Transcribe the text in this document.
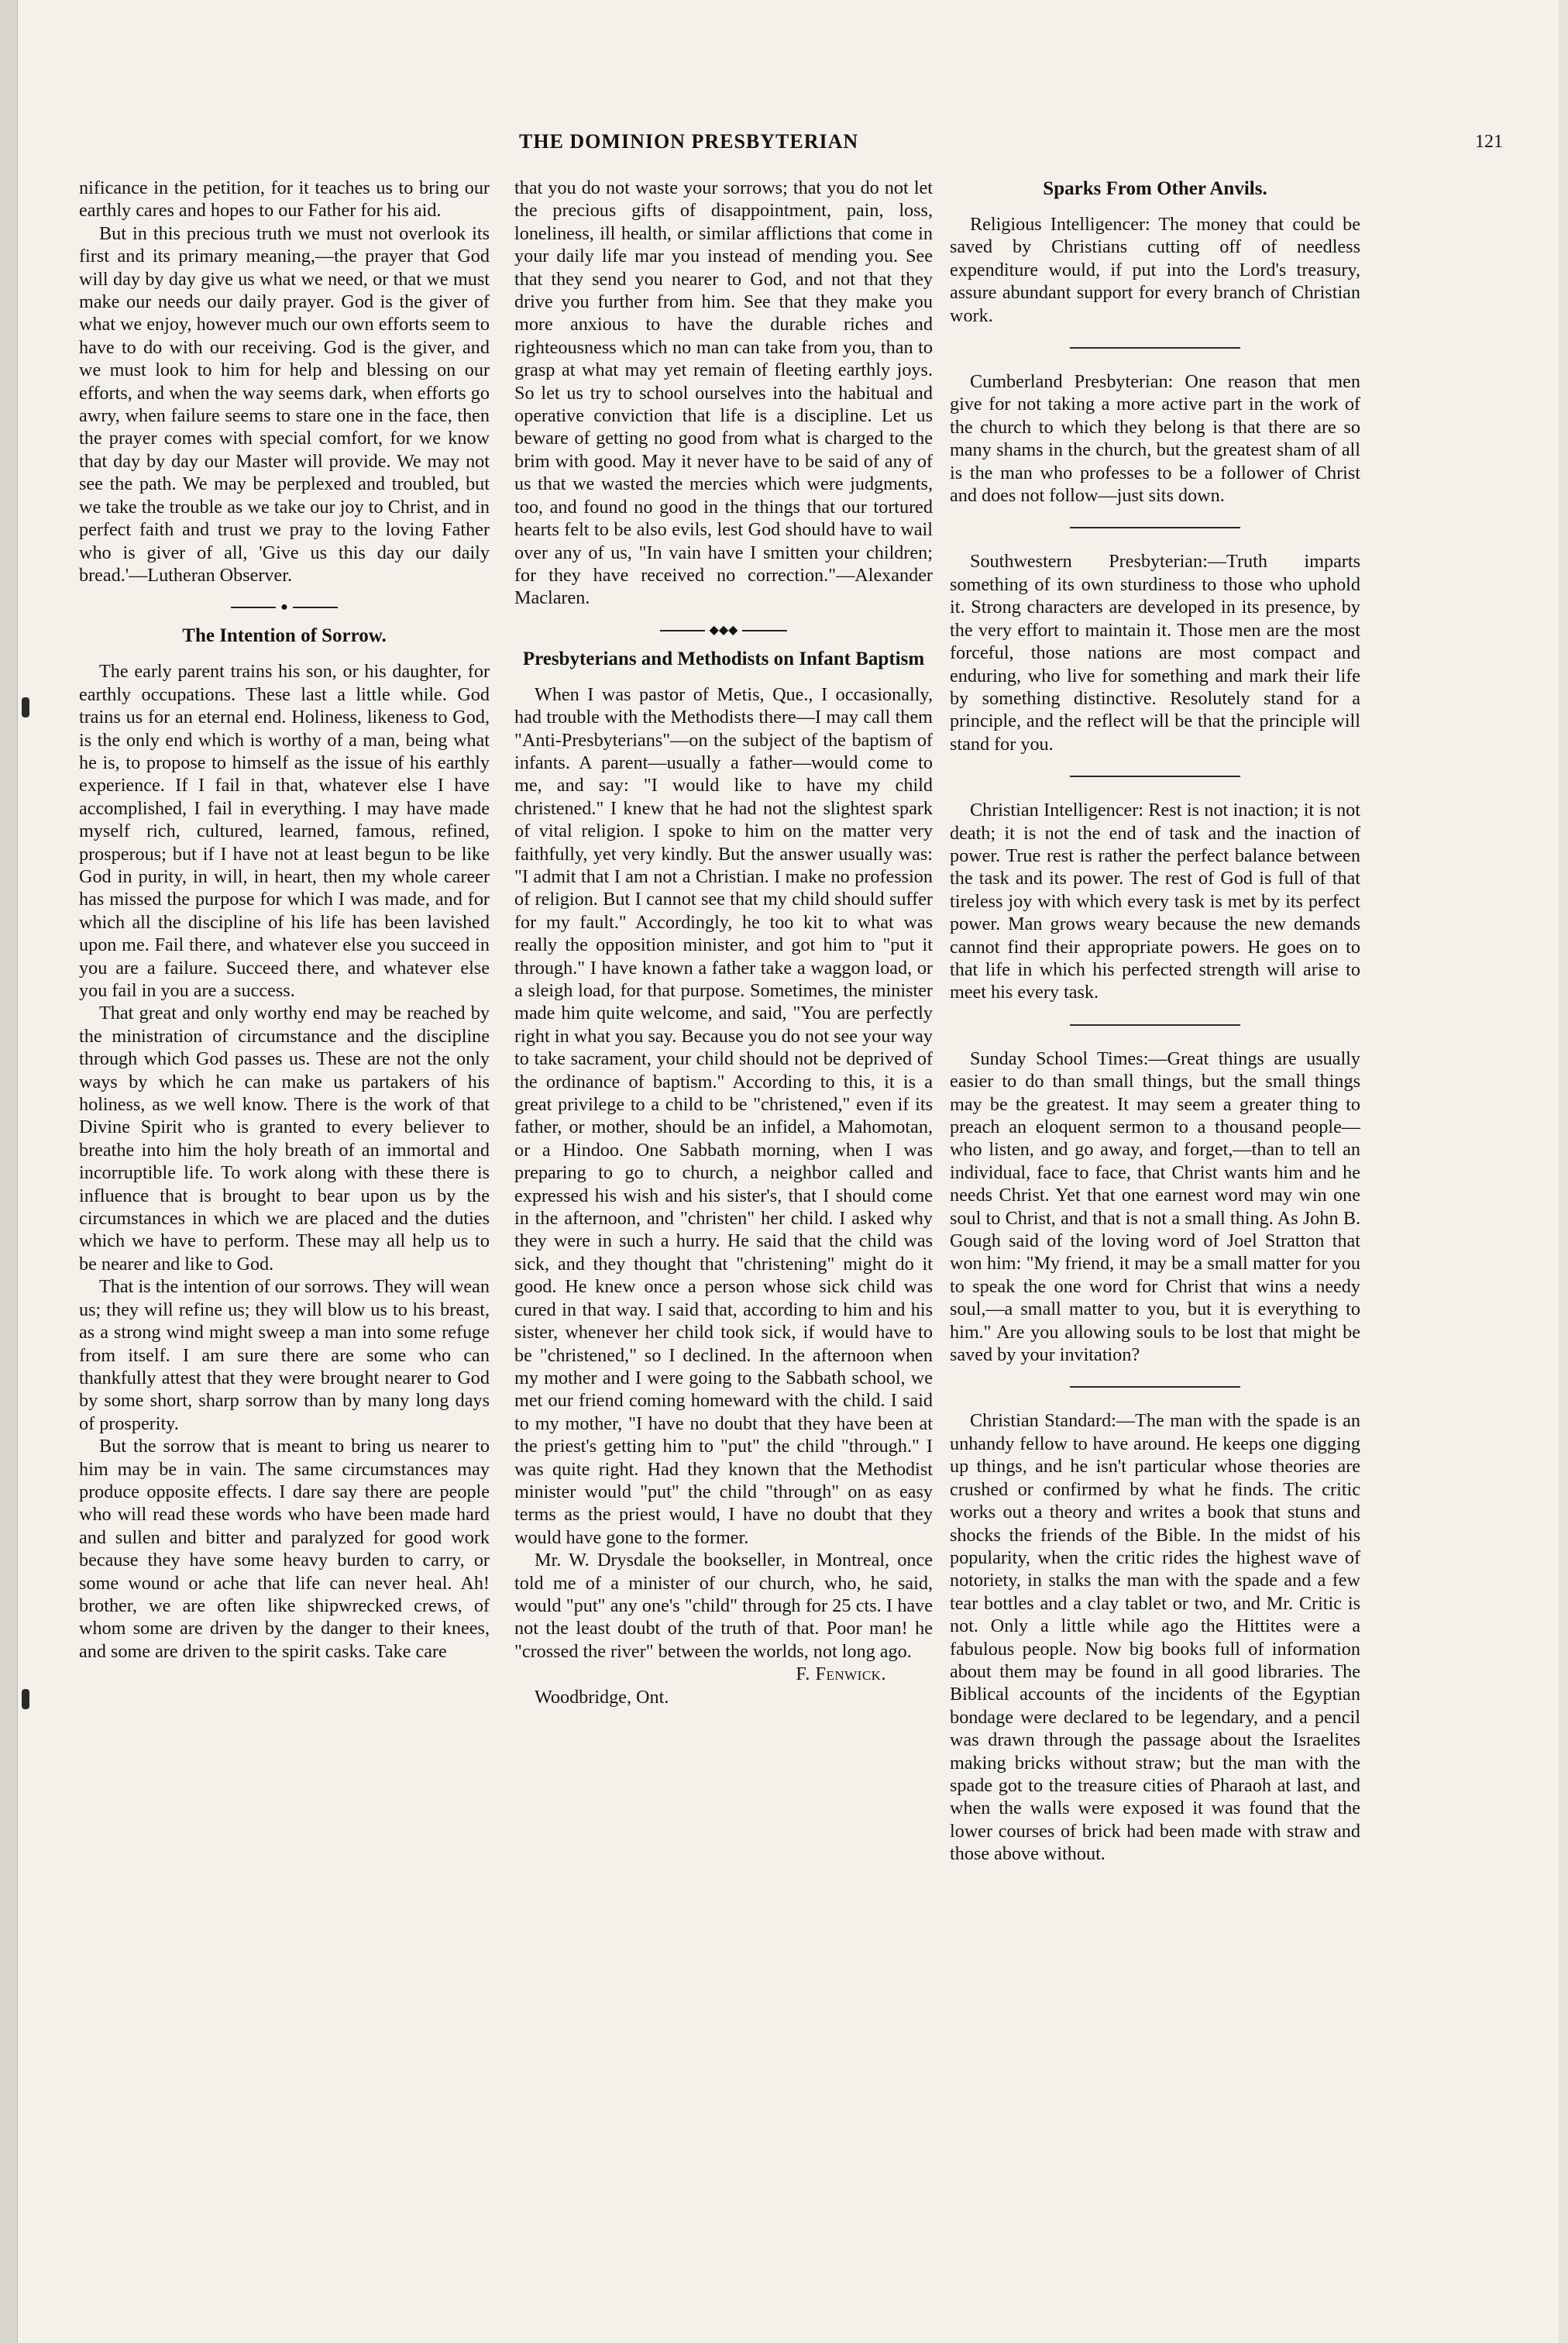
THE DOMINION PRESBYTERIAN	121

nificance in the petition, for it teaches us to bring our earthly cares and hopes to our Father for his aid.

But in this precious truth we must not overlook its first and its primary meaning,—the prayer that God will day by day give us what we need, or that we must make our needs our daily prayer. God is the giver of what we enjoy, however much our own efforts seem to have to do with our receiving. God is the giver, and we must look to him for help and blessing on our efforts, and when the way seems dark, when efforts go awry, when failure seems to stare one in the face, then the prayer comes with special comfort, for we know that day by day our Master will provide. We may not see the path. We may be perplexed and troubled, but we take the trouble as we take our joy to Christ, and in perfect faith and trust we pray to the loving Father who is giver of all, 'Give us this day our daily bread.'—Lutheran Observer.

●
The Intention of Sorrow.

The early parent trains his son, or his daughter, for earthly occupations. These last a little while. God trains us for an eternal end. Holiness, likeness to God, is the only end which is worthy of a man, being what he is, to propose to himself as the issue of his earthly experience. If I fail in that, whatever else I have accomplished, I fail in everything. I may have made myself rich, cultured, learned, famous, refined, prosperous; but if I have not at least begun to be like God in purity, in will, in heart, then my whole career has missed the purpose for which I was made, and for which all the discipline of his life has been lavished upon me. Fail there, and whatever else you succeed in you are a failure. Succeed there, and whatever else you fail in you are a success.

That great and only worthy end may be reached by the ministration of circumstance and the discipline through which God passes us. These are not the only ways by which he can make us partakers of his holiness, as we well know. There is the work of that Divine Spirit who is granted to every believer to breathe into him the holy breath of an immortal and incorruptible life. To work along with these there is influence that is brought to bear upon us by the circumstances in which we are placed and the duties which we have to perform. These may all help us to be nearer and like to God.

That is the intention of our sorrows. They will wean us; they will refine us; they will blow us to his breast, as a strong wind might sweep a man into some refuge from itself. I am sure there are some who can thankfully attest that they were brought nearer to God by some short, sharp sorrow than by many long days of prosperity.

But the sorrow that is meant to bring us nearer to him may be in vain. The same circumstances may produce opposite effects. I dare say there are people who will read these words who have been made hard and sullen and bitter and paralyzed for good work because they have some heavy burden to carry, or some wound or ache that life can never heal. Ah! brother, we are often like shipwrecked crews, of whom some are driven by the danger to their knees, and some are driven to the spirit casks. Take care

that you do not waste your sorrows; that you do not let the precious gifts of disappointment, pain, loss, loneliness, ill health, or similar afflictions that come in your daily life mar you instead of mending you. See that they send you nearer to God, and not that they drive you further from him. See that they make you more anxious to have the durable riches and righteousness which no man can take from you, than to grasp at what may yet remain of fleeting earthly joys. So let us try to school ourselves into the habitual and operative conviction that life is a discipline. Let us beware of getting no good from what is charged to the brim with good. May it never have to be said of any of us that we wasted the mercies which were judgments, too, and found no good in the things that our tortured hearts felt to be also evils, lest God should have to wail over any of us, "In vain have I smitten your children; for they have received no correction."—Alexander Maclaren.

◆◆◆
Presbyterians and Methodists on Infant Baptism

When I was pastor of Metis, Que., I occasionally, had trouble with the Methodists there—I may call them "Anti-Presbyterians"—on the subject of the baptism of infants. A parent—usually a father—would come to me, and say: "I would like to have my child christened." I knew that he had not the slightest spark of vital religion. I spoke to him on the matter very faithfully, yet very kindly. But the answer usually was: "I admit that I am not a Christian. I make no profession of religion. But I cannot see that my child should suffer for my fault." Accordingly, he too kit to what was really the opposition minister, and got him to "put it through." I have known a father take a waggon load, or a sleigh load, for that purpose. Sometimes, the minister made him quite welcome, and said, "You are perfectly right in what you say. Because you do not see your way to take sacrament, your child should not be deprived of the ordinance of baptism." According to this, it is a great privilege to a child to be "christened," even if its father, or mother, should be an infidel, a Mahomotan, or a Hindoo. One Sabbath morning, when I was preparing to go to church, a neighbor called and expressed his wish and his sister's, that I should come in the afternoon, and "christen" her child. I asked why they were in such a hurry. He said that the child was sick, and they thought that "christening" might do it good. He knew once a person whose sick child was cured in that way. I said that, according to him and his sister, whenever her child took sick, if would have to be "christened," so I declined. In the afternoon when my mother and I were going to the Sabbath school, we met our friend coming homeward with the child. I said to my mother, "I have no doubt that they have been at the priest's getting him to "put" the child "through." I was quite right. Had they known that the Methodist minister would "put" the child "through" on as easy terms as the priest would, I have no doubt that they would have gone to the former.

Mr. W. Drysdale the bookseller, in Montreal, once told me of a minister of our church, who, he said, would "put" any one's "child" through for 25 cts. I have not the least doubt of the truth of that. Poor man! he "crossed the river" between the worlds, not long ago.

F. Fenwick.

Woodbridge, Ont.

Sparks From Other Anvils.

Religious Intelligencer: The money that could be saved by Christians cutting off of needless expenditure would, if put into the Lord's treasury, assure abundant support for every branch of Christian work.

Cumberland Presbyterian: One reason that men give for not taking a more active part in the work of the church to which they belong is that there are so many shams in the church, but the greatest sham of all is the man who professes to be a follower of Christ and does not follow—just sits down.

Southwestern Presbyterian:—Truth imparts something of its own sturdiness to those who uphold it. Strong characters are developed in its presence, by the very effort to maintain it. Those men are the most forceful, those nations are most compact and enduring, who live for something and mark their life by something distinctive. Resolutely stand for a principle, and the reflect will be that the principle will stand for you.

Christian Intelligencer: Rest is not inaction; it is not death; it is not the end of task and the inaction of power. True rest is rather the perfect balance between the task and its power. The rest of God is full of that tireless joy with which every task is met by its perfect power. Man grows weary because the new demands cannot find their appropriate powers. He goes on to that life in which his perfected strength will arise to meet his every task.

Sunday School Times:—Great things are usually easier to do than small things, but the small things may be the greatest. It may seem a greater thing to preach an eloquent sermon to a thousand people—who listen, and go away, and forget,—than to tell an individual, face to face, that Christ wants him and he needs Christ. Yet that one earnest word may win one soul to Christ, and that is not a small thing. As John B. Gough said of the loving word of Joel Stratton that won him: "My friend, it may be a small matter for you to speak the one word for Christ that wins a needy soul,—a small matter to you, but it is everything to him." Are you allowing souls to be lost that might be saved by your invitation?

Christian Standard:—The man with the spade is an unhandy fellow to have around. He keeps one digging up things, and he isn't particular whose theories are crushed or confirmed by what he finds. The critic works out a theory and writes a book that stuns and shocks the friends of the Bible. In the midst of his popularity, when the critic rides the highest wave of notoriety, in stalks the man with the spade and a few tear bottles and a clay tablet or two, and Mr. Critic is not. Only a little while ago the Hittites were a fabulous people. Now big books full of information about them may be found in all good libraries. The Biblical accounts of the incidents of the Egyptian bondage were declared to be legendary, and a pencil was drawn through the passage about the Israelites making bricks without straw; but the man with the spade got to the treasure cities of Pharaoh at last, and when the walls were exposed it was found that the lower courses of brick had been made with straw and those above without.
